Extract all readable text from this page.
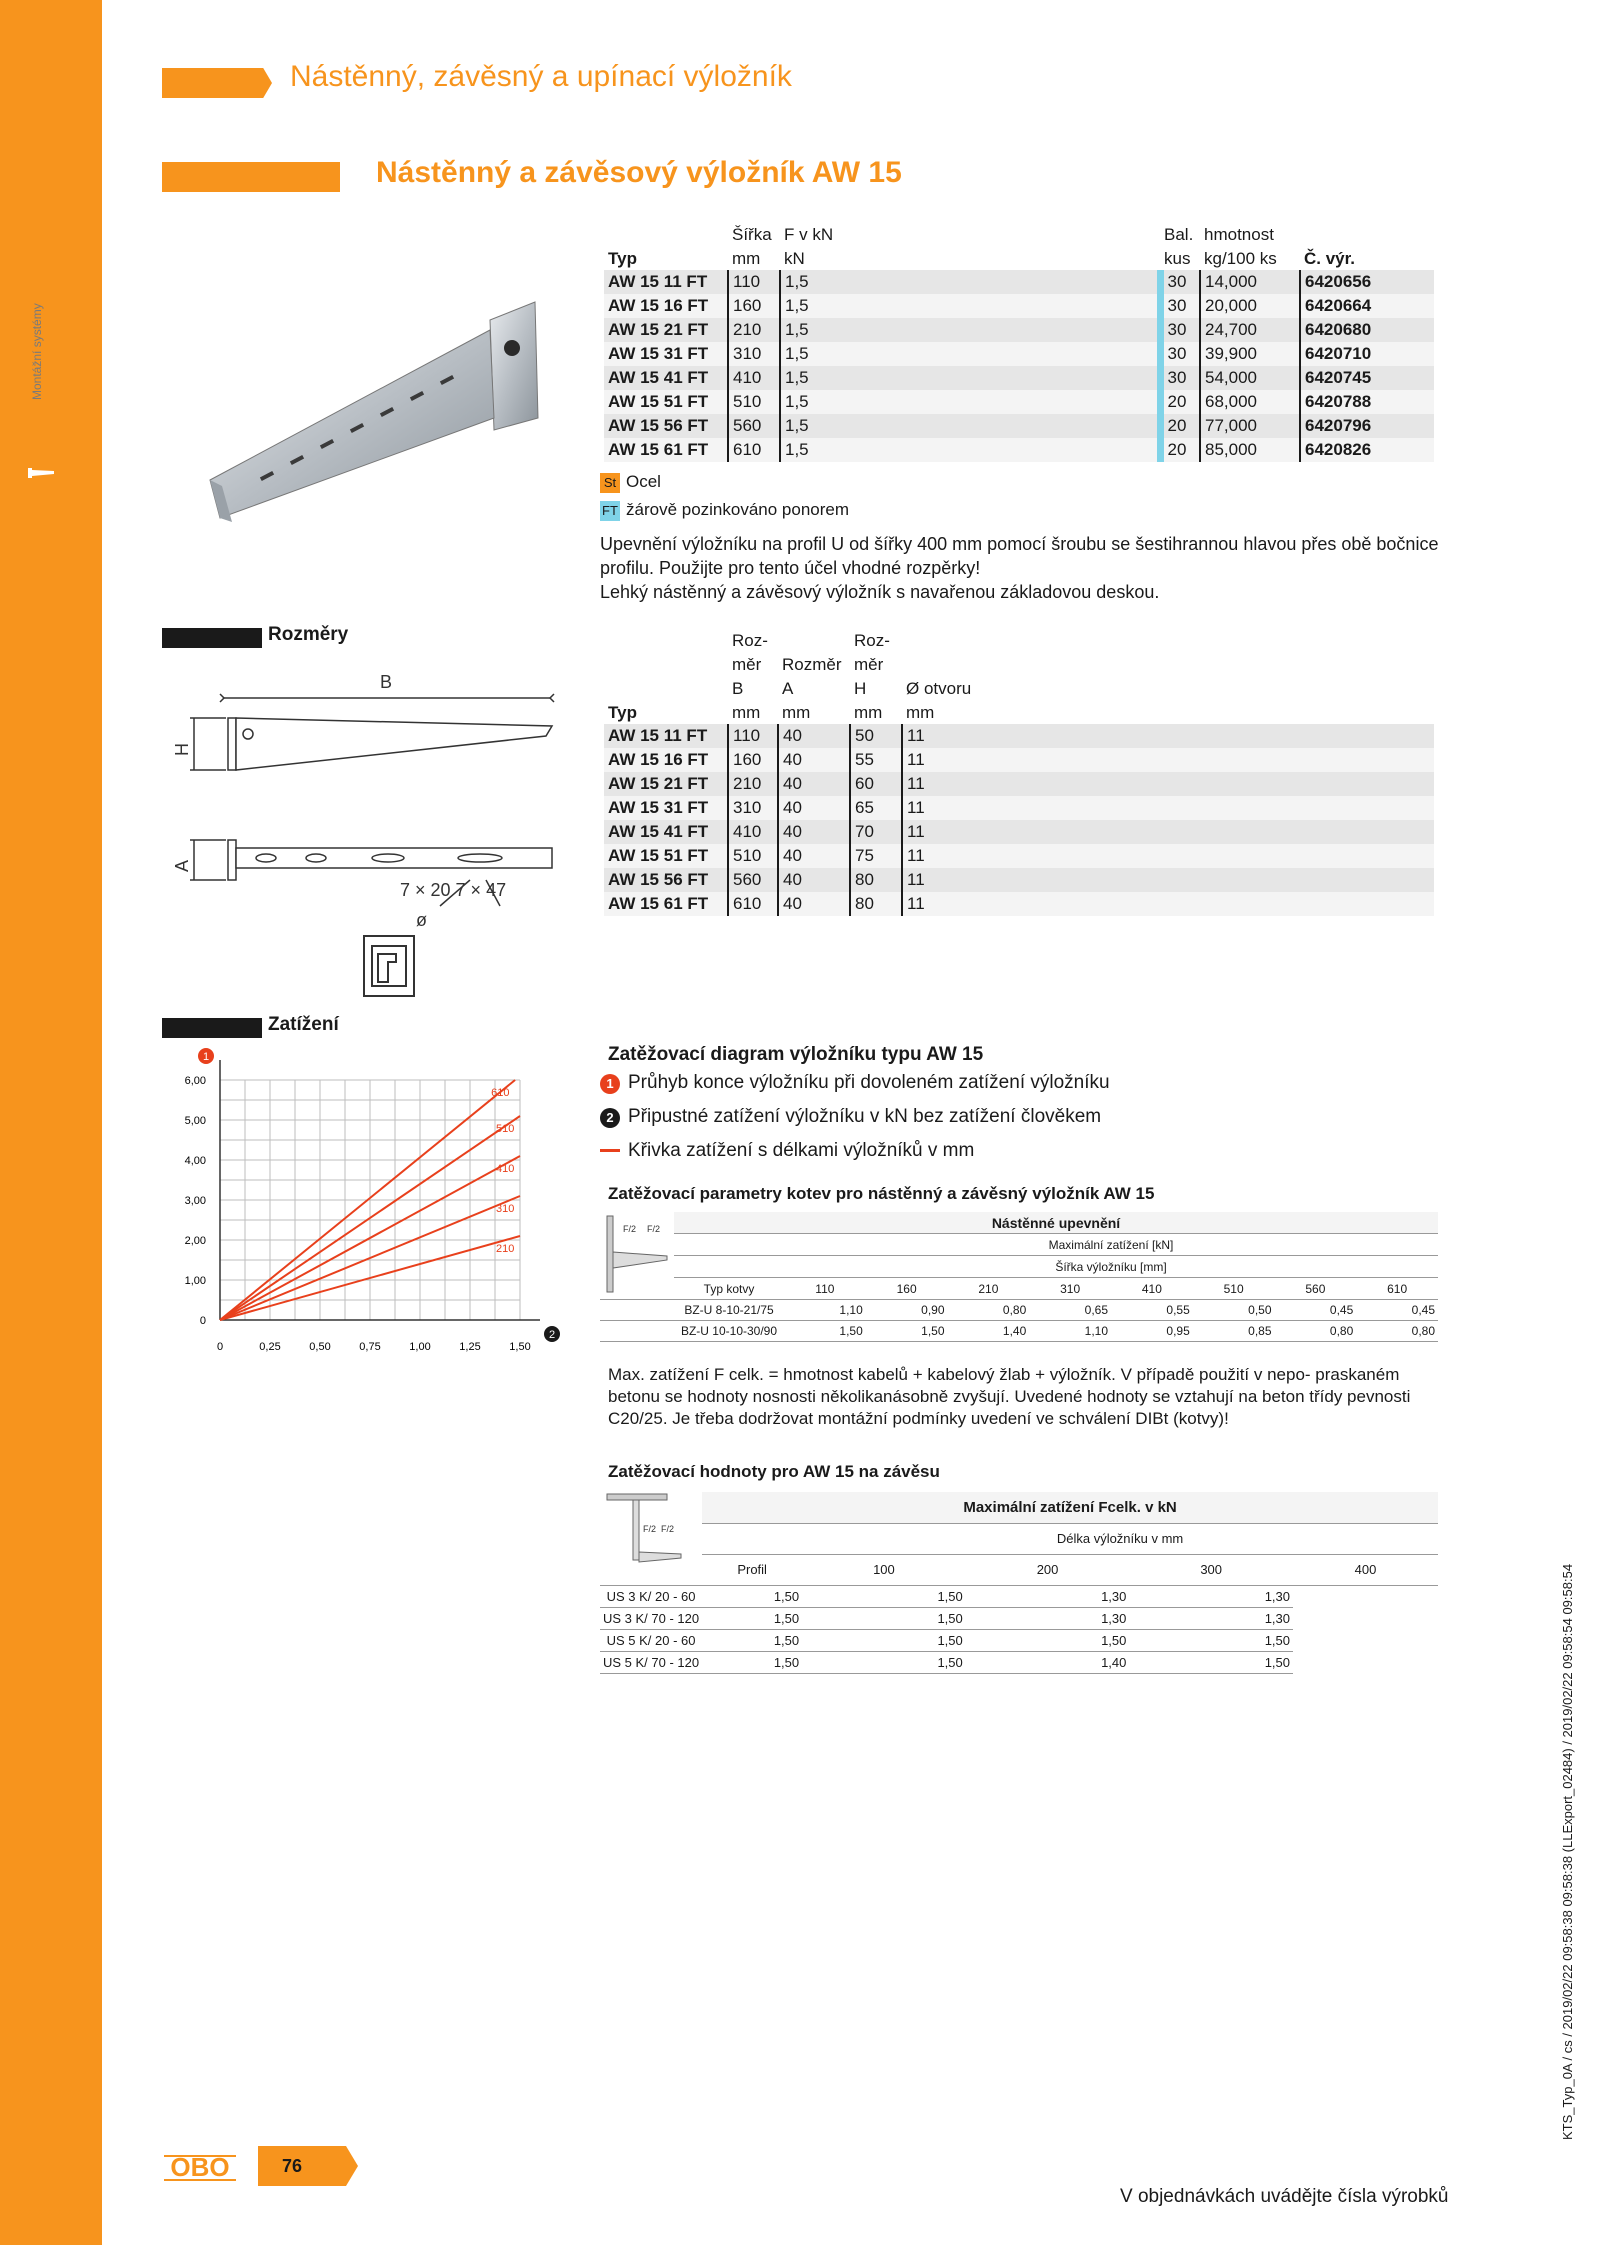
Montážní systémy
Nástěnný, závěsný a upínací výložník
Nástěnný a závěsový výložník AW 15
	Šířka	F v kN	Bal.	hmotnost	
Typ	mm	kN	kus	kg/100 ks	Č. výr.
AW 15 11 FT	110	1,5	30	14,000	6420656
AW 15 16 FT	160	1,5	30	20,000	6420664
AW 15 21 FT	210	1,5	30	24,700	6420680
AW 15 31 FT	310	1,5	30	39,900	6420710
AW 15 41 FT	410	1,5	30	54,000	6420745
AW 15 51 FT	510	1,5	20	68,000	6420788
AW 15 56 FT	560	1,5	20	77,000	6420796
AW 15 61 FT	610	1,5	20	85,000	6420826
St Ocel
FT žárově pozinkováno ponorem
Upevnění výložníku na profil U od šířky 400 mm pomocí šroubu se šestihrannou hlavou přes obě bočnice profilu. Použijte pro tento účel vhodné rozpěrky!
Lehký nástěnný a závěsový výložník s navařenou základovou deskou.
Rozměry
B
H
A
7 × 20 7 × 47
ø
	Roz-		Roz-	
	měr	Rozměr	měr	
	B	A	H	Ø otvoru
Typ	mm	mm	mm	mm
AW 15 11 FT	110	40	50	11
AW 15 16 FT	160	40	55	11
AW 15 21 FT	210	40	60	11
AW 15 31 FT	310	40	65	11
AW 15 41 FT	410	40	70	11
AW 15 51 FT	510	40	75	11
AW 15 56 FT	560	40	80	11
AW 15 61 FT	610	40	80	11
Zatížení
610
510
410
310
210
0	0,25	0,50	0,75	1,00	1,25	1,50
0
1,00
2,00
3,00
4,00
5,00
6,00
1
2
Zatěžovací diagram výložníku typu AW 15
1 Průhyb konce výložníku při dovoleném zatížení výložníku
2 Připustné zatížení výložníku v kN bez zatížení člověkem
Křivka zatížení s délkami výložníků v mm
Zatěžovací parametry kotev pro nástěnný a závěsný výložník AW 15
F/2 F/2	Nástěnné upevnění								
		Maximální zatížení [kN]							
		Šířka výložníku [mm]							
	Typ kotvy	110	160	210	310	410	510	560	610
	BZ-U 8-10-21/75	1,10	0,90	0,80	0,65	0,55	0,50	0,45	0,45
	BZ-U 10-10-30/90	1,50	1,50	1,40	1,10	0,95	0,85	0,80	0,80
Max. zatížení F celk. = hmotnost kabelů + kabelový žlab + výložník. V případě použití v nepo- praskaném betonu se hodnoty nosnosti několikanásobně zvyšují. Uvedené hodnoty se vztahují na beton třídy pevnosti C20/25. Je třeba dodržovat montážní podmínky uvedení ve schválení DIBt (kotvy)!
Zatěžovací hodnoty pro AW 15 na závěsu
F/2 F/2	Maximální zatížení Fcelk. v kN				
		Délka výložníku v mm			
	Profil	100	200	300	400
US 3 K/ 20 - 60	1,50	1,50	1,30	1,30	
US 3 K/ 70 - 120	1,50	1,50	1,30	1,30	
US 5 K/ 20 - 60	1,50	1,50	1,50	1,50	
US 5 K/ 70 - 120	1,50	1,50	1,40	1,50		KTS_Typ_0A / cs / 2019/02/22 09:58:38 09:58:38 (LLExport_02484) / 2019/02/22 09:58:54 09:58:54
OBO	76
V objednávkách uvádějte čísla výrobků
